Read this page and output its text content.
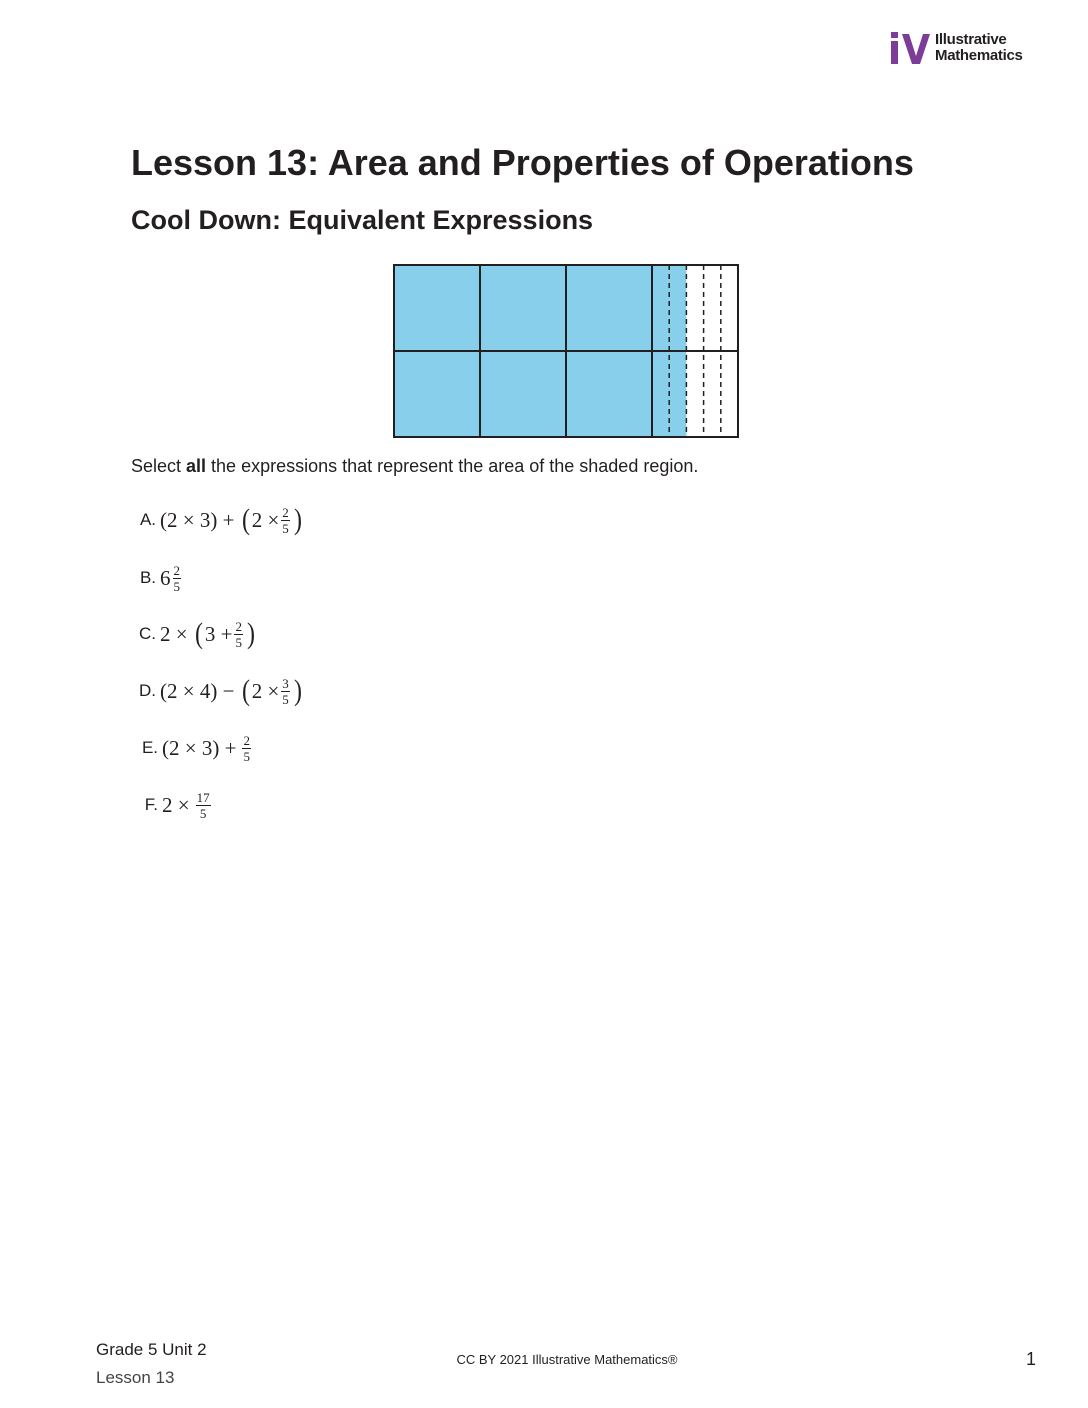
Illustrative
Mathematics
Lesson 13: Area and Properties of Operations
Cool Down: Equivalent Expressions
Select all the expressions that represent the area of the shaded region.
A. (2 × 3) + ( $2 \times \frac{2}{5}$ )
B. $6 \frac{2}{5}$
C. 2 × ( $3 + \frac{2}{5}$ )
D. (2 × 4) − ( $2 \times \frac{3}{5}$ )
E. $(2 \times 3) + \frac{2}{5}$
F. $2 \times \frac{17}{5}$
Grade 5 Unit 2
Lesson 13
CC BY 2021 Illustrative Mathematics®	1
